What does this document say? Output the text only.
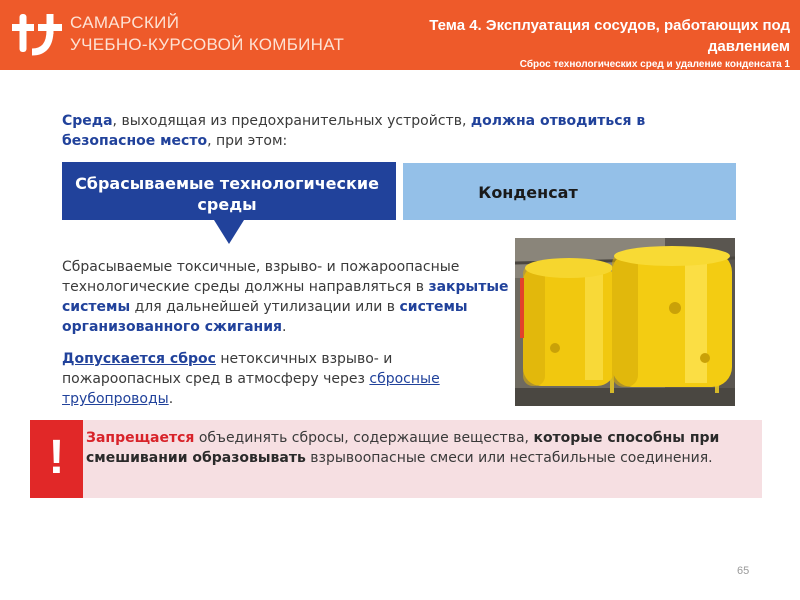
САМАРСКИЙ
УЧЕБНО-КУРСОВОЙ КОМБИНАТ
Тема 4. Эксплуатация сосудов, работающих под давлением
Сброс технологических сред и удаление конденсата 1
Среда, выходящая из предохранительных устройств, должна отводиться в безопасное место, при этом:
Сбрасываемые технологические среды
Конденсат
Сбрасываемые токсичные, взрыво- и пожароопасные технологические среды должны направляться в закрытые системы для дальнейшей утилизации или в системы организованного сжигания.
Допускается сброс нетоксичных взрыво- и пожароопасных сред в атмосферу через сбросные трубопроводы.
!	Запрещается объединять сбросы, содержащие вещества, которые способны при смешивании образовывать взрывоопасные смеси или нестабильные соединения.
65
